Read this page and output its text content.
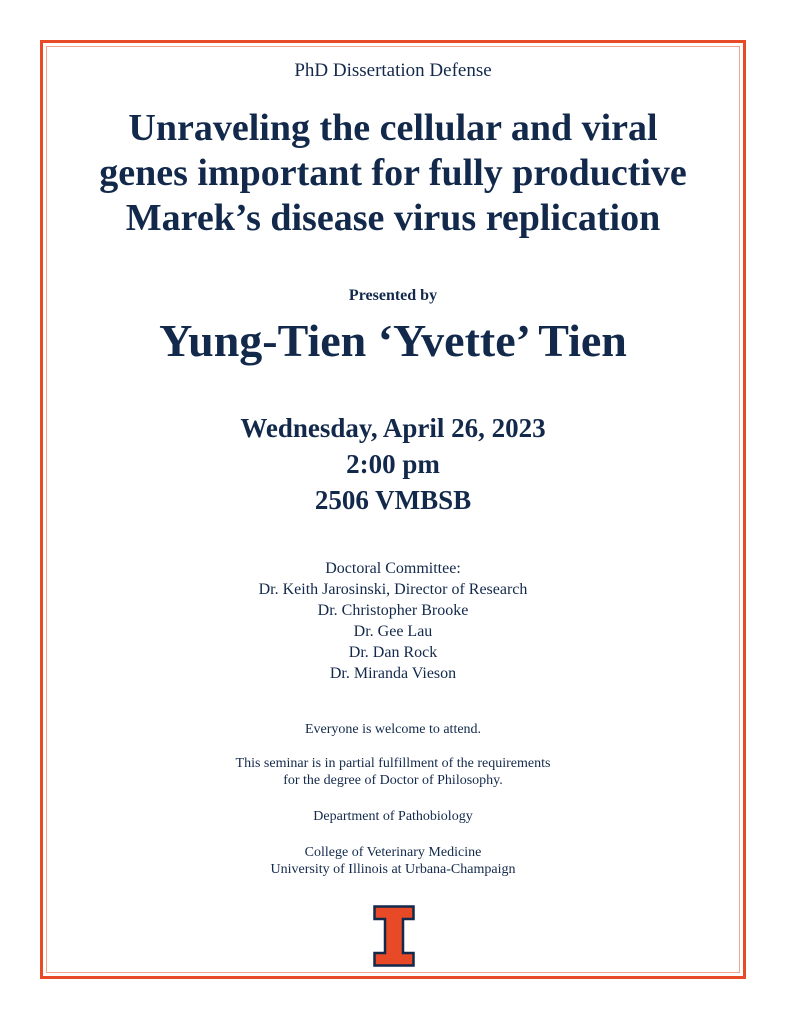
PhD Dissertation Defense
Unraveling the cellular and viral
genes important for fully productive
Marek’s disease virus replication
Presented by
Yung-Tien ‘Yvette’ Tien
Wednesday, April 26, 2023
2:00 pm
2506 VMBSB
Doctoral Committee:
Dr. Keith Jarosinski, Director of Research
Dr. Christopher Brooke
Dr. Gee Lau
Dr. Dan Rock
Dr. Miranda Vieson
Everyone is welcome to attend.
This seminar is in partial fulfillment of the requirements
for the degree of Doctor of Philosophy.
Department of Pathobiology
College of Veterinary Medicine
University of Illinois at Urbana-Champaign
